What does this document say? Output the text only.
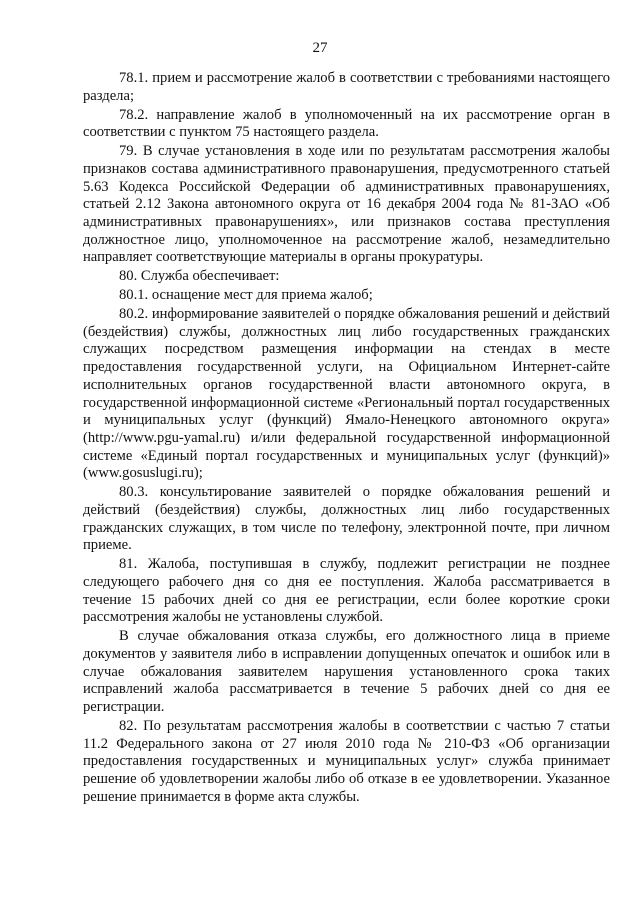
27

78.1. прием и рассмотрение жалоб в соответствии с требованиями настоящего раздела;

78.2. направление жалоб в уполномоченный на их рассмотрение орган в соответствии с пунктом 75 настоящего раздела.

79. В случае установления в ходе или по результатам рассмотрения жалобы признаков состава административного правонарушения, предусмотренного статьей 5.63 Кодекса Российской Федерации об административных правонарушениях, статьей 2.12 Закона автономного округа от 16 декабря 2004 года № 81-ЗАО «Об административных правонарушениях», или признаков состава преступления должностное лицо, уполномоченное на рассмотрение жалоб, незамедлительно направляет соответствующие материалы в органы прокуратуры.

80. Служба обеспечивает:

80.1. оснащение мест для приема жалоб;

80.2. информирование заявителей о порядке обжалования решений и действий (бездействия) службы, должностных лиц либо государственных гражданских служащих посредством размещения информации на стендах в месте предоставления государственной услуги, на Официальном Интернет-сайте исполнительных органов государственной власти автономного округа, в государственной информационной системе «Региональный портал государственных и муниципальных услуг (функций) Ямало-Ненецкого автономного округа» (http://www.pgu-yamal.ru) и/или федеральной государственной информационной системе «Единый портал государственных и муниципальных услуг (функций)» (www.gosuslugi.ru);

80.3. консультирование заявителей о порядке обжалования решений и действий (бездействия) службы, должностных лиц либо государственных гражданских служащих, в том числе по телефону, электронной почте, при личном приеме.

81. Жалоба, поступившая в службу, подлежит регистрации не позднее следующего рабочего дня со дня ее поступления. Жалоба рассматривается в течение 15 рабочих дней со дня ее регистрации, если более короткие сроки рассмотрения жалобы не установлены службой.

В случае обжалования отказа службы, его должностного лица в приеме документов у заявителя либо в исправлении допущенных опечаток и ошибок или в случае обжалования заявителем нарушения установленного срока таких исправлений жалоба рассматривается в течение 5 рабочих дней со дня ее регистрации.

82. По результатам рассмотрения жалобы в соответствии с частью 7 статьи 11.2 Федерального закона от 27 июля 2010 года № 210-ФЗ «Об организации предоставления государственных и муниципальных услуг» служба принимает решение об удовлетворении жалобы либо об отказе в ее удовлетворении. Указанное решение принимается в форме акта службы.
